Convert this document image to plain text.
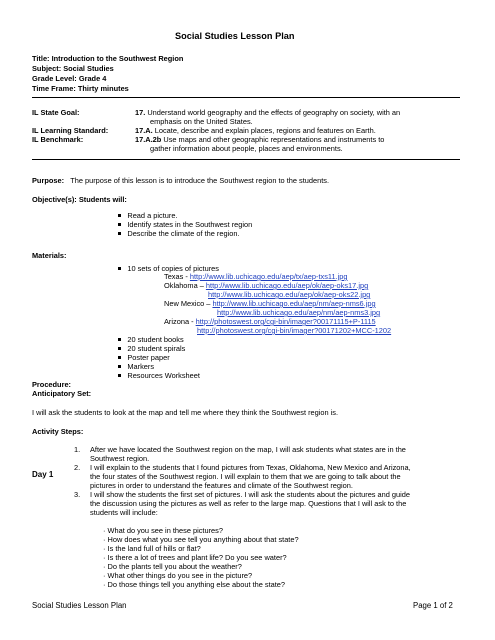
Social Studies Lesson Plan
Title: Introduction to the Southwest Region
Subject: Social Studies
Grade Level: Grade 4
Time Frame: Thirty minutes
IL State Goal:	17. Understand world geography and the effects of geography on society, with an
emphasis on the United States.
IL Learning Standard:	17.A. Locate, describe and explain places, regions and features on Earth.
IL Benchmark:	17.A.2b Use maps and other geographic representations and instruments to
gather information about people, places and environments.
Purpose: The purpose of this lesson is to introduce the Southwest region to the students.
Objective(s): Students will:
Read a picture.
Identify states in the Southwest region
Describe the climate of the region.
Materials:
10 sets of copies of pictures
Texas - http://www.lib.uchicago.edu/aep/tx/aep-txs11.jpg
Oklahoma – http://www.lib.uchicago.edu/aep/ok/aep-oks17.jpg
http://www.lib.uchicago.edu/aep/ok/aep-oks22.jpg
New Mexico – http://www.lib.uchicago.edu/aep/nm/aep-nms6.jpg
http://www.lib.uchicago.edu/aep/nm/aep-nms3.jpg
Arizona - http://photoswest.org/cgi-bin/imager?00171115+P-1115
http://photoswest.org/cgi-bin/imager?00171202+MCC-1202
20 student books
20 student spirals
Poster paper
Markers
Resources Worksheet
Procedure:
Anticipatory Set:
I will ask the students to look at the map and tell me where they think the Southwest region is.
Activity Steps:
Day 1
1. After we have located the Southwest region on the map, I will ask students what states are in the
Southwest region.
2. I will explain to the students that I found pictures from Texas, Oklahoma, New Mexico and Arizona,
the four states of the Southwest region. I will explain to them that we are going to talk about the
pictures in order to understand the features and climate of the Southwest region.
3. I will show the students the first set of pictures. I will ask the students about the pictures and guide
the discussion using the pictures as well as refer to the large map. Questions that I will ask to the
students will include:
· What do you see in these pictures?
· How does what you see tell you anything about that state?
· Is the land full of hills or flat?
· Is there a lot of trees and plant life? Do you see water?
· Do the plants tell you about the weather?
· What other things do you see in the picture?
· Do those things tell you anything else about the state?
Social Studies Lesson Plan	Page 1 of 2
